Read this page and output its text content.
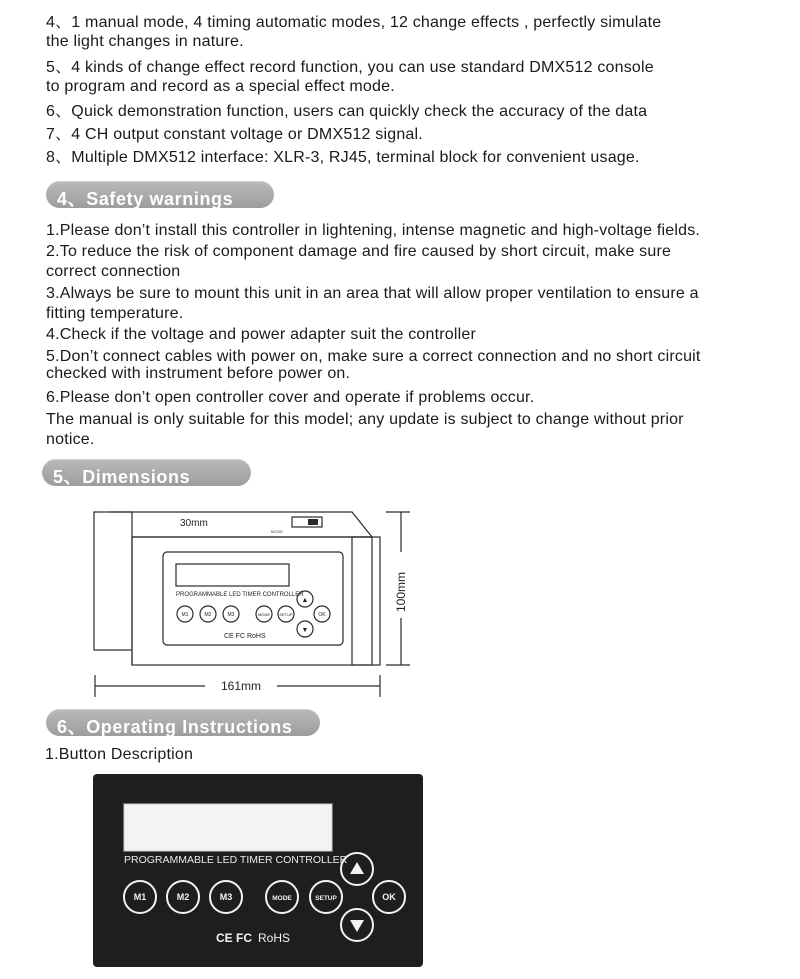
4、1 manual mode, 4 timing automatic modes, 12 change effects , perfectly simulate
the light changes in nature.
5、4 kinds of change effect record function, you can use standard DMX512 console
to program and record as a special effect mode.
6、Quick demonstration function, users can quickly check the accuracy of the data
7、4 CH output constant voltage or DMX512 signal.
8、Multiple DMX512 interface: XLR-3, RJ45, terminal block for convenient usage.
4、Safety warnings
1.Please don’t install this controller in lightening, intense magnetic and high-voltage fields.
2.To reduce the risk of component damage and fire caused by short circuit, make sure
correct connection
3.Always be sure to mount this unit in an area that will allow proper ventilation to ensure a
fitting temperature.
4.Check if the voltage and power adapter suit the controller
5.Don’t connect cables with power on, make sure a correct connection and no short circuit
checked with instrument before power on.
6.Please don’t open controller cover and operate if problems occur.
The manual is only suitable for this model; any update is subject to change without prior
notice.
5、Dimensions
30mm
MODE
PROGRAMMABLE LED TIMER CONTROLLER
M1	M2	M3	MODE SETUP	OK
▲
▼
CE FC RoHS
100mm
161mm
6、Operating Instructions
1.Button Description
PROGRAMMABLE LED TIMER CONTROLLER
M1	M2	M3	MODE	SETUP	OK
CE FC RoHS
